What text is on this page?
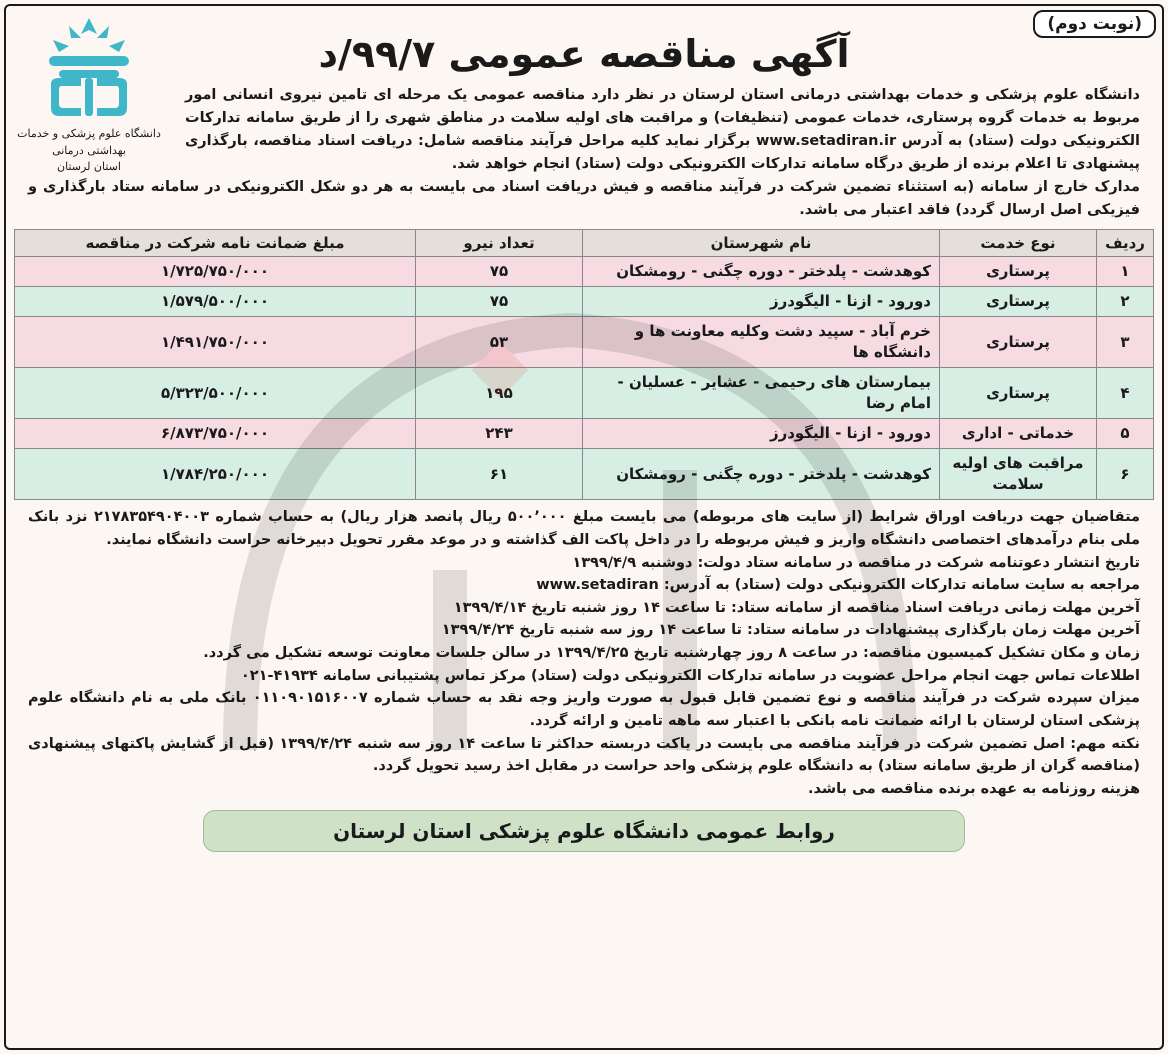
(نوبت دوم)
دانشگاه علوم پزشکی و خدمات بهداشتی درمانی
استان لرستان
آگهی مناقصه عمومی ۹۹/۷/د

دانشگاه علوم پزشکی و خدمات بهداشتی درمانی استان لرستان در نظر دارد مناقصه عمومی یک مرحله ای تامین نیروی انسانی امور مربوط به خدمات گروه پرستاری، خدمات عمومی (تنظیفات) و مراقبت های اولیه سلامت در مناطق شهری را از طریق سامانه تدارکات الکترونیکی دولت (ستاد) به آدرس www.setadiran.ir برگزار نماید کلیه مراحل فرآیند مناقصه شامل: دریافت اسناد مناقصه، بارگذاری پیشنهادی تا اعلام برنده از طریق درگاه سامانه تدارکات الکترونیکی دولت (ستاد) انجام خواهد شد.

مدارک خارج از سامانه (به استثناء تضمین شرکت در فرآیند مناقصه و فیش دریافت اسناد می بایست به هر دو شکل الکترونیکی در سامانه ستاد بارگذاری و فیزیکی اصل ارسال گردد) فاقد اعتبار می باشد.

ردیف	نوع خدمت	نام شهرستان	تعداد نیرو	مبلغ ضمانت نامه شرکت در مناقصه
۱	پرستاری	کوهدشت - پلدختر - دوره چگنی - رومشکان	۷۵	۱/۷۲۵/۷۵۰/۰۰۰
۲	پرستاری	دورود - ازنا - الیگودرز	۷۵	۱/۵۷۹/۵۰۰/۰۰۰
۳	پرستاری	خرم آباد - سپید دشت وکلیه معاونت ها و دانشگاه ها	۵۳	۱/۴۹۱/۷۵۰/۰۰۰
۴	پرستاری	بیمارستان های رحیمی - عشایر - عسلیان - امام رضا	۱۹۵	۵/۳۲۳/۵۰۰/۰۰۰
۵	خدماتی - اداری	دورود - ازنا - الیگودرز	۲۴۳	۶/۸۷۳/۷۵۰/۰۰۰
۶	مراقبت های اولیه سلامت	کوهدشت - پلدختر - دوره چگنی - رومشکان	۶۱	۱/۷۸۴/۲۵۰/۰۰۰

متقاضیان جهت دریافت اوراق شرایط (از سایت های مربوطه) می بایست مبلغ ۵۰۰٬۰۰۰ ریال پانصد هزار ریال) به حساب شماره ۲۱۷۸۳۵۴۹۰۴۰۰۳ نزد بانک ملی بنام درآمدهای اختصاصی دانشگاه واریز و فیش مربوطه را در داخل پاکت الف گذاشته و در موعد مقرر تحویل دبیرخانه حراست دانشگاه نمایند.

تاریخ انتشار دعوتنامه شرکت در مناقصه در سامانه ستاد دولت: دوشنبه ۱۳۹۹/۴/۹

مراجعه به سایت سامانه تدارکات الکترونیکی دولت (ستاد) به آدرس: www.setadiran

آخرین مهلت زمانی دریافت اسناد مناقصه از سامانه ستاد: تا ساعت ۱۴ روز شنبه تاریخ ۱۳۹۹/۴/۱۴

آخرین مهلت زمان بارگذاری پیشنهادات در سامانه ستاد: تا ساعت ۱۴ روز سه شنبه تاریخ ۱۳۹۹/۴/۲۴

زمان و مکان تشکیل کمیسیون مناقصه: در ساعت ۸ روز چهارشنبه تاریخ ۱۳۹۹/۴/۲۵ در سالن جلسات معاونت توسعه تشکیل می گردد.

اطلاعات تماس جهت انجام مراحل عضویت در سامانه تدارکات الکترونیکی دولت (ستاد) مرکز تماس پشتیبانی سامانه ۴۱۹۳۴-۰۲۱

میزان سپرده شرکت در فرآیند مناقصه و نوع تضمین قابل قبول به صورت واریز وجه نقد به حساب شماره ۰۱۱۰۹۰۱۵۱۶۰۰۷ بانک ملی به نام دانشگاه علوم پزشکی استان لرستان با ارائه ضمانت نامه بانکی با اعتبار سه ماهه تامین و ارائه گردد.

نکته مهم: اصل تضمین شرکت در فرآیند مناقصه می بایست در یاکت دربسته حداکثر تا ساعت ۱۴ روز سه شنبه ۱۳۹۹/۴/۲۴ (قبل از گشایش پاکتهای پیشنهادی (مناقصه گران از طریق سامانه ستاد) به دانشگاه علوم پزشکی واحد حراست در مقابل اخذ رسید تحویل گردد.

هزینه روزنامه به عهده برنده مناقصه می باشد.

روابط عمومی دانشگاه علوم پزشکی استان لرستان
